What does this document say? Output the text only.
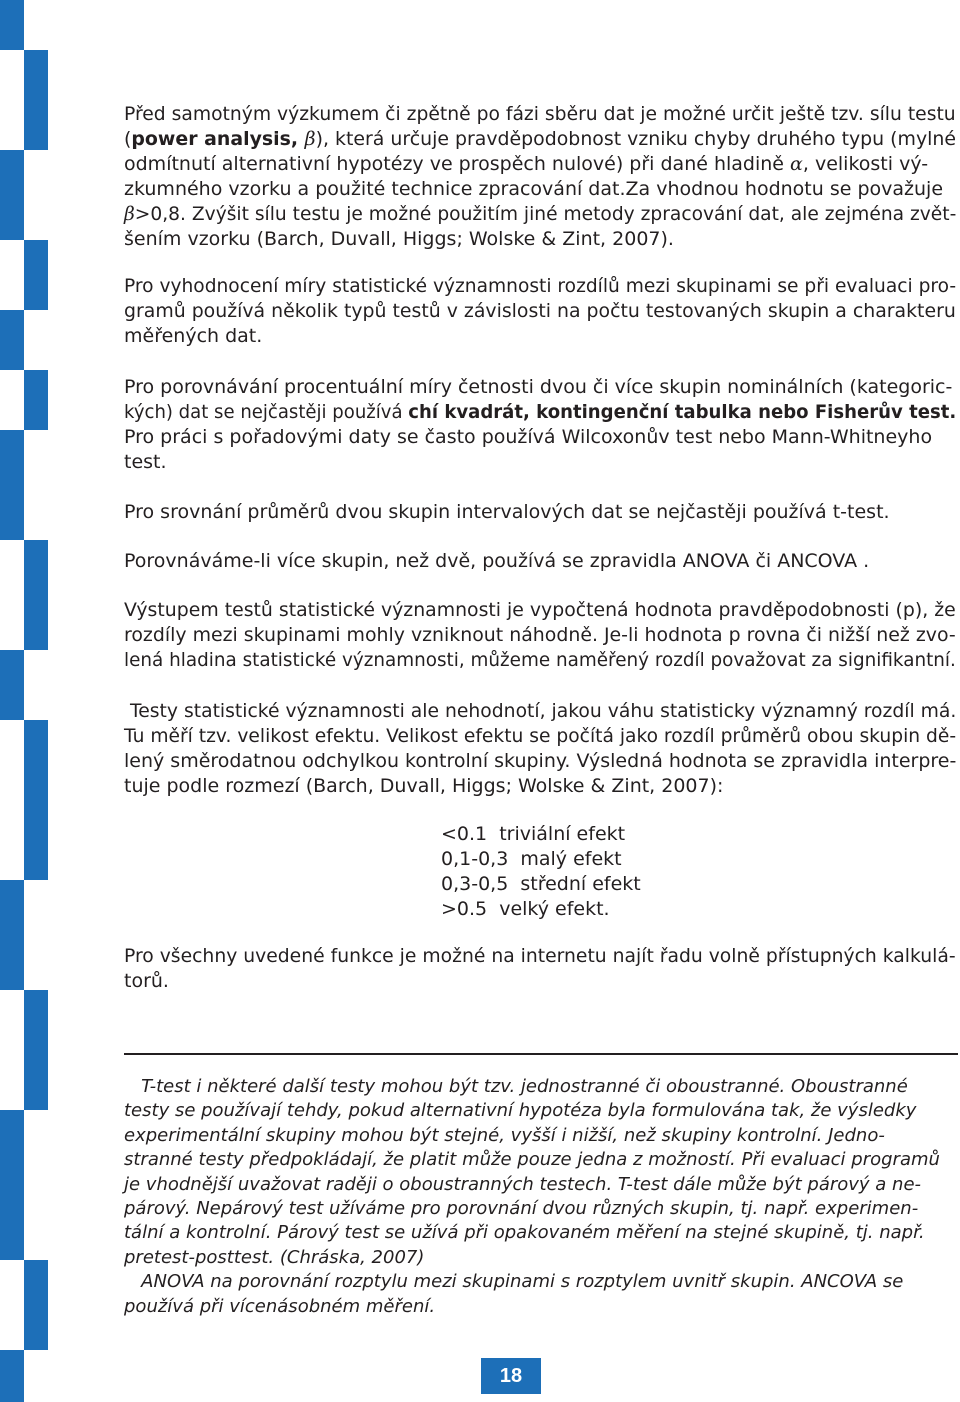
Před samotným výzkumem či zpětně po fázi sběru dat je možné určit ještě tzv. sílu testu
(power analysis, β), která určuje pravděpodobnost vzniku chyby druhého typu (mylné
odmítnutí alternativní hypotézy ve prospěch nulové) při dané hladině α, velikosti vý-
zkumného vzorku a použité technice zpracování dat.Za vhodnou hodnotu se považuje
β>0,8. Zvýšit sílu testu je možné použitím jiné metody zpracování dat, ale zejména zvět-
šením vzorku (Barch, Duvall, Higgs; Wolske & Zint, 2007).
Pro vyhodnocení míry statistické významnosti rozdílů mezi skupinami se při evaluaci pro-
gramů používá několik typů testů v závislosti na počtu testovaných skupin a charakteru
měřených dat.
Pro porovnávání procentuální míry četnosti dvou či více skupin nominálních (kategoric-
kých) dat se nejčastěji používá chí kvadrát, kontingenční tabulka nebo Fisherův test.
Pro práci s pořadovými daty se často používá Wilcoxonův test nebo Mann-Whitneyho
test.
Pro srovnání průměrů dvou skupin intervalových dat se nejčastěji používá t-test.
Porovnáváme-li více skupin, než dvě, používá se zpravidla ANOVA či ANCOVA .
Výstupem testů statistické významnosti je vypočtená hodnota pravděpodobnosti (p), že
rozdíly mezi skupinami mohly vzniknout náhodně. Je-li hodnota p rovna či nižší než zvo-
lená hladina statistické významnosti, můžeme naměřený rozdíl považovat za signifikantní.
Testy statistické významnosti ale nehodnotí, jakou váhu statisticky významný rozdíl má.
Tu měří tzv. velikost efektu. Velikost efektu se počítá jako rozdíl průměrů obou skupin dě-
lený směrodatnou odchylkou kontrolní skupiny. Výsledná hodnota se zpravidla interpre-
tuje podle rozmezí (Barch, Duvall, Higgs; Wolske & Zint, 2007):
<0.1  triviální efekt
0,1-0,3  malý efekt
0,3-0,5  střední efekt
>0.5  velký efekt.
Pro všechny uvedené funkce je možné na internetu najít řadu volně přístupných kalkulá-
torů.
T-test i některé další testy mohou být tzv. jednostranné či oboustranné. Oboustranné
testy se používají tehdy, pokud alternativní hypotéza byla formulována tak, že výsledky
experimentální skupiny mohou být stejné, vyšší i nižší, než skupiny kontrolní. Jedno-
stranné testy předpokládají, že platit může pouze jedna z možností. Při evaluaci programů
je vhodnější uvažovat raději o oboustranných testech. T-test dále může být párový a ne-
párový. Nepárový test užíváme pro porovnání dvou různých skupin, tj. např. experimen-
tální a kontrolní. Párový test se užívá při opakovaném měření na stejné skupině, tj. např.
pretest-posttest. (Chráska, 2007)
ANOVA na porovnání rozptylu mezi skupinami s rozptylem uvnitř skupin. ANCOVA se
používá při vícenásobném měření.
18
